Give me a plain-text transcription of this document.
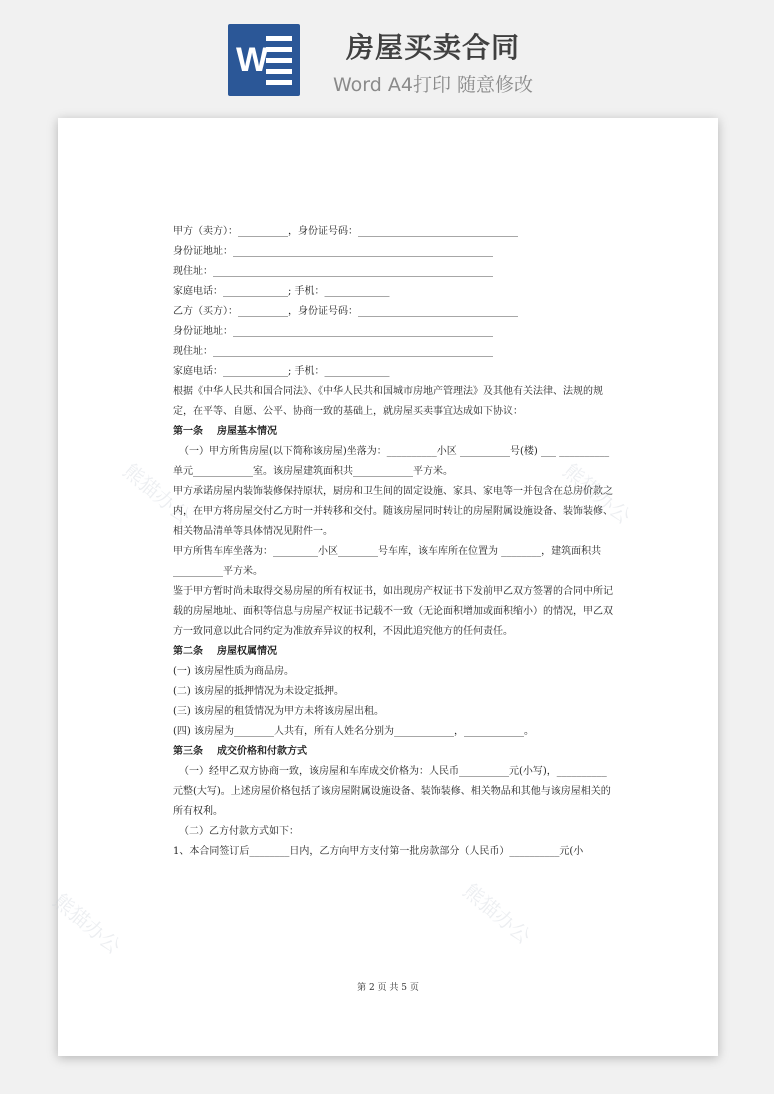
W	房屋买卖合同
Word A4打印 随意修改
熊猫办公
熊猫办公
熊猫办公
熊猫办公

甲方（卖方）：__________，身份证号码：________________________________

身份证地址：____________________________________________________

现住址：________________________________________________________

家庭电话：_____________; 手机：_____________

乙方（买方）：__________，身份证号码：________________________________

身份证地址：____________________________________________________

现住址：________________________________________________________

家庭电话：_____________; 手机：_____________

根据《中华人民共和国合同法》、《中华人民共和国城市房地产管理法》及其他有关法律、法规的规定，在平等、自愿、公平、协商一致的基础上，就房屋买卖事宜达成如下协议：

第一条 房屋基本情况

（一）甲方所售房屋(以下简称该房屋)坐落为：__________小区 __________号(楼) ___ __________单元____________室。该房屋建筑面积共____________平方米。

甲方承诺房屋内装饰装修保持原状，厨房和卫生间的固定设施、家具、家电等一并包含在总房价款之内，在甲方将房屋交付乙方时一并转移和交付。随该房屋同时转让的房屋附属设施设备、装饰装修、相关物品清单等具体情况见附件一。

甲方所售车库坐落为：_________小区________号车库，该车库所在位置为 ________，建筑面积共__________平方米。

鉴于甲方暂时尚未取得交易房屋的所有权证书，如出现房产权证书下发前甲乙双方签署的合同中所记载的房屋地址、面积等信息与房屋产权证书记载不一致（无论面积增加或面积缩小）的情况，甲乙双方一致同意以此合同约定为准放弃异议的权利，不因此追究他方的任何责任。

第二条 房屋权属情况

(一) 该房屋性质为商品房。

(二) 该房屋的抵押情况为未设定抵押。

(三) 该房屋的租赁情况为甲方未将该房屋出租。

(四) 该房屋为________人共有，所有人姓名分别为____________，____________。

第三条 成交价格和付款方式

（一）经甲乙双方协商一致，该房屋和车库成交价格为：人民币__________元(小写)，__________元整(大写)。上述房屋价格包括了该房屋附属设施设备、装饰装修、相关物品和其他与该房屋相关的所有权利。

（二）乙方付款方式如下：

1、本合同签订后________日内，乙方向甲方支付第一批房款部分（人民币）__________元(小

第 2 页 共 5 页
